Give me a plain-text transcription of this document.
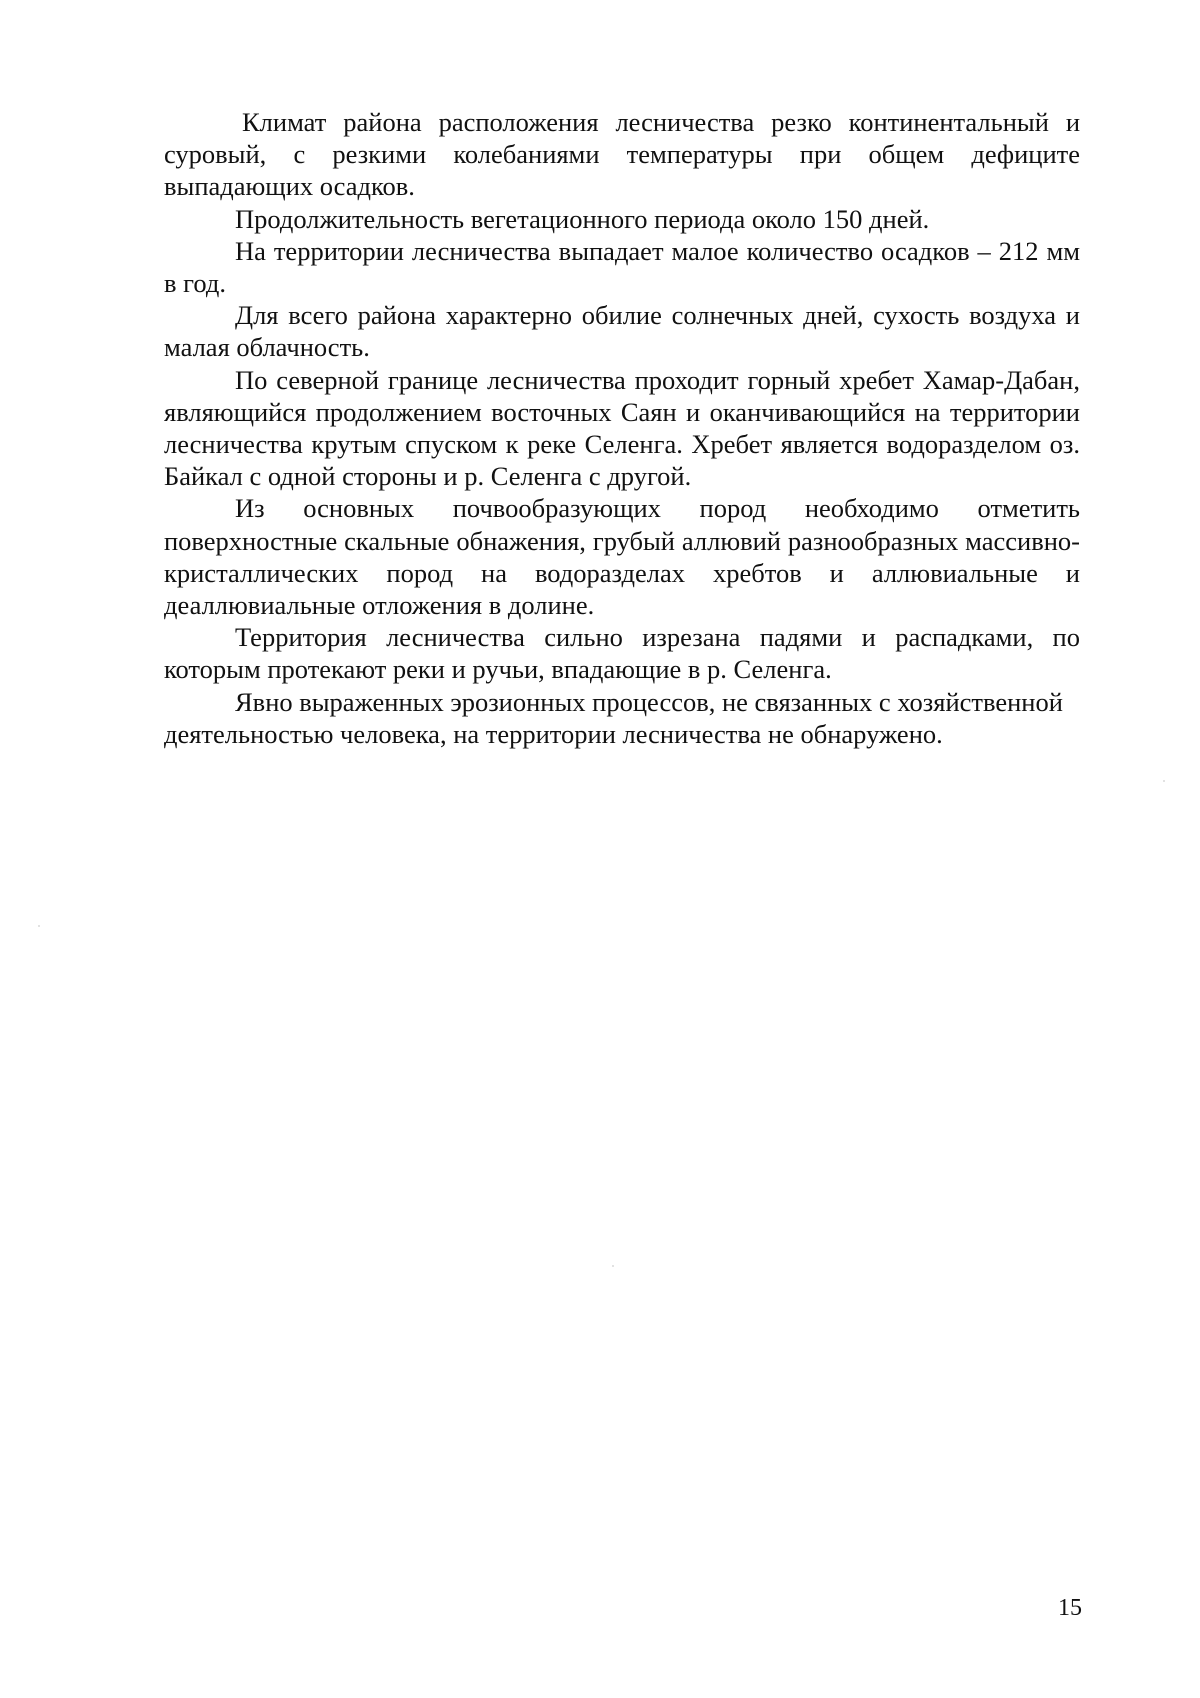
Климат района расположения лесничества резко континентальный и суровый, с резкими колебаниями температуры при общем дефиците выпадающих осадков.

Продолжительность вегетационного периода около 150 дней.

На территории лесничества выпадает малое количество осадков – 212 мм в год.

Для всего района характерно обилие солнечных дней, сухость воздуха и малая облачность.

По северной границе лесничества проходит горный хребет Хамар-Дабан, являющийся продолжением восточных Саян и оканчивающийся на территории лесничества крутым спуском к реке Селенга. Хребет является водоразделом оз. Байкал с одной стороны и р. Селенга с другой.

Из основных почвообразующих пород необходимо отметить поверхностные скальные обнажения, грубый аллювий разнообразных массивно-кристаллических пород на водоразделах хребтов и аллювиальные и деаллювиальные отложения в долине.

Территория лесничества сильно изрезана падями и распадками, по которым протекают реки и ручьи, впадающие в р. Селенга.

Явно выраженных эрозионных процессов, не связанных с хозяйственной деятельностью человека, на территории лесничества не обнаружено.

15
